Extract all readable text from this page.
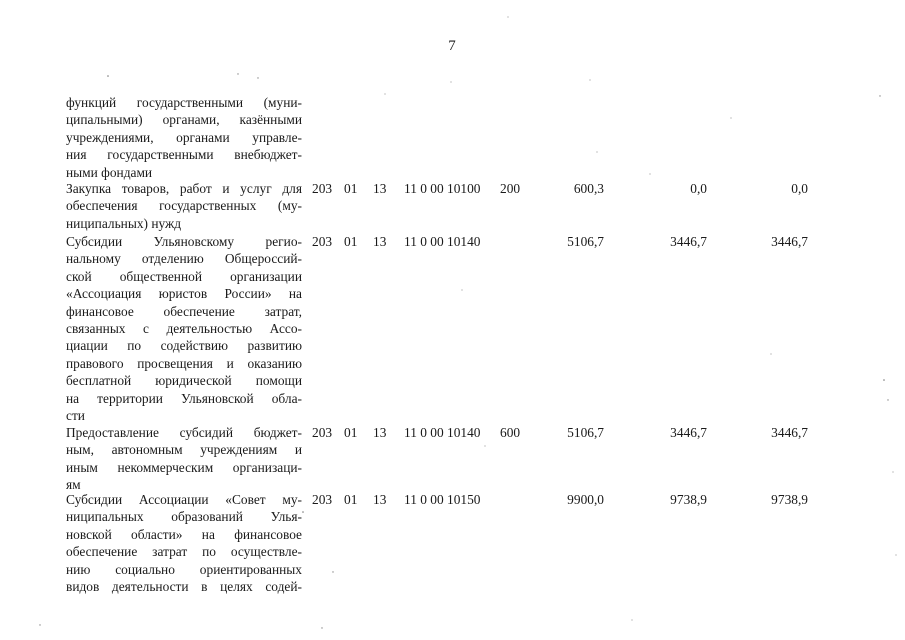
7
функций государственными (муни-
ципальными) органами, казёнными
учреждениями, органами управле-
ния государственными внебюджет-
ными фондами
Закупка товаров, работ и услуг для
обеспечения государственных (му-
ниципальных) нужд
203 01 13 11 0 00 10100 200	600,3	0,0	0,0
Субсидии Ульяновскому регио-
нальному отделению Общероссий-
ской общественной организации
«Ассоциация юристов России» на
финансовое обеспечение затрат,
связанных с деятельностью Ассо-
циации по содействию развитию
правового просвещения и оказанию
бесплатной юридической помощи
на территории Ульяновской обла-
сти
203 01 13 11 0 00 10140	5106,7	3446,7	3446,7
Предоставление субсидий бюджет-
ным, автономным учреждениям и
иным некоммерческим организаци-
ям
203 01 13 11 0 00 10140 600	5106,7	3446,7	3446,7
Субсидии Ассоциации «Совет му-
ниципальных образований Улья-
новской области» на финансовое
обеспечение затрат по осуществле-
нию социально ориентированных
видов деятельности в целях содей-
203 01 13 11 0 00 10150	9900,0	9738,9	9738,9
